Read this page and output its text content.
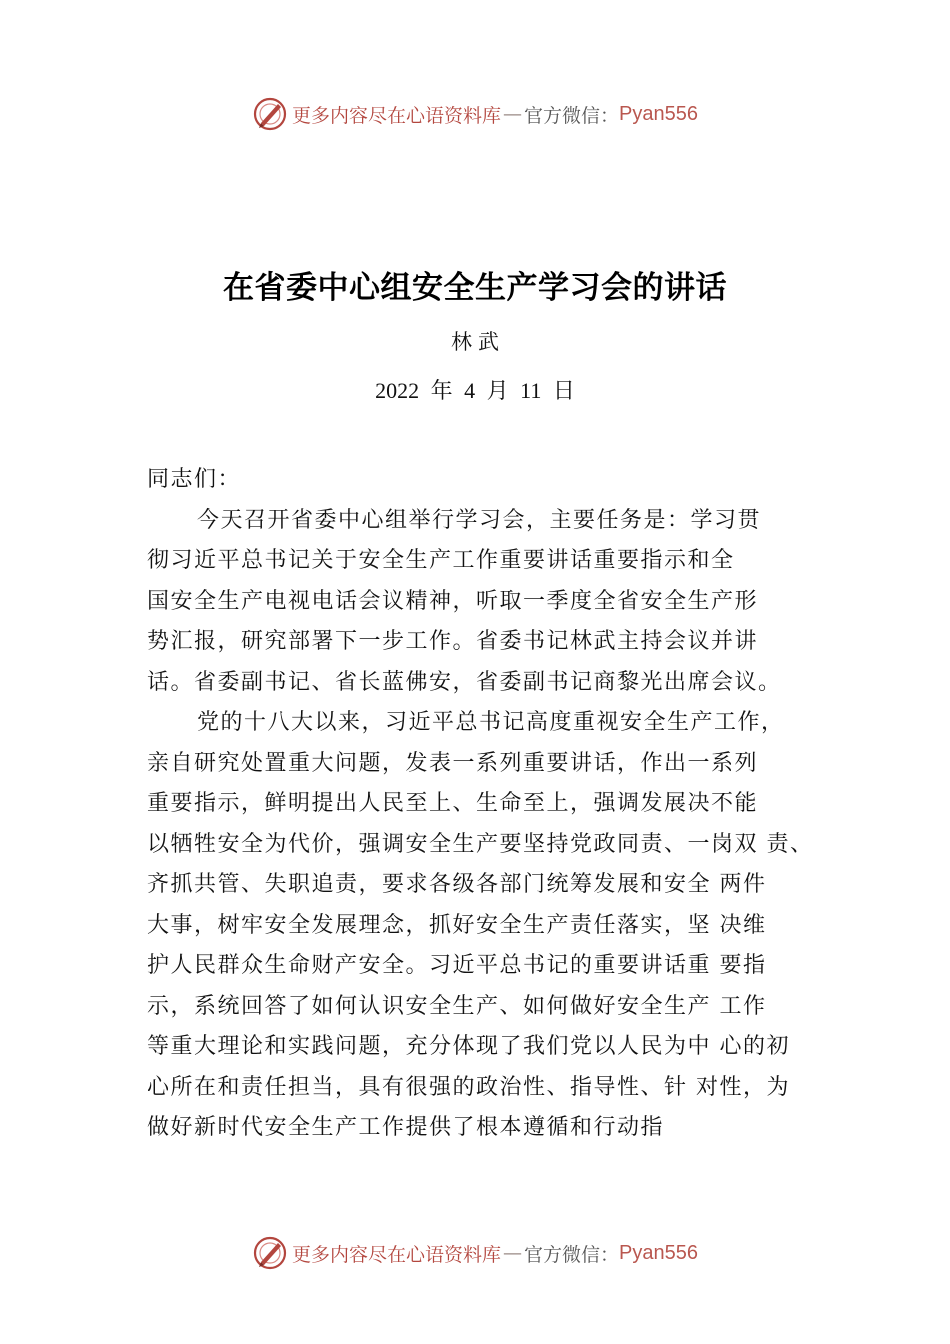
更多内容尽在心语资料库 — 官方微信 ： Pyan556
在省委中心组安全生产学习会的讲话
林武
2022 年 4 月 11 日
同志们：
今天召开省委中心组举行学习会，主要任务是：学习贯
彻习近平总书记关于安全生产工作重要讲话重要指示和全
国安全生产电视电话会议精神，听取一季度全省安全生产形
势汇报，研究部署下一步工作。省委书记林武主持会议并讲
话。省委副书记、省长蓝佛安，省委副书记商黎光出席会议。
党的十八大以来，习近平总书记高度重视安全生产工作，
亲自研究处置重大问题，发表一系列重要讲话，作出一系列
重要指示，鲜明提出人民至上、生命至上，强调发展决不能
以牺牲安全为代价，强调安全生产要坚持党政同责、一岗双 责、
齐抓共管、失职追责，要求各级各部门统筹发展和安全 两件
大事，树牢安全发展理念，抓好安全生产责任落实，坚 决维
护人民群众生命财产安全。习近平总书记的重要讲话重 要指
示，系统回答了如何认识安全生产、如何做好安全生产 工作
等重大理论和实践问题，充分体现了我们党以人民为中 心的初
心所在和责任担当，具有很强的政治性、指导性、针 对性，为
做好新时代安全生产工作提供了根本遵循和行动指
更多内容尽在心语资料库 — 官方微信 ： Pyan556
